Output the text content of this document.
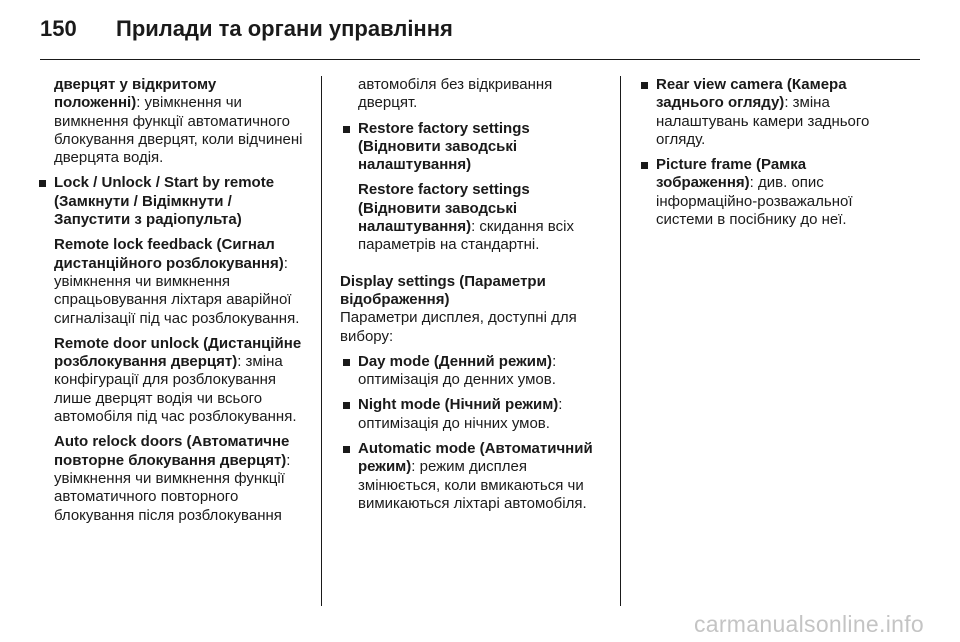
150	Прилади та органи управління
дверцят у відкритому положенні): увімкнення чи вимкнення функції автоматичного блокування дверцят, коли відчинені дверцята водія.
Lock / Unlock / Start by remote (Замкнути / Відімкнути / Запустити з радіопульта)
Remote lock feedback (Сигнал дистанційного розблокування): увімкнення чи вимкнення спрацьовування ліхтаря аварійної сигналізації під час розблокування.
Remote door unlock (Дистанційне розблокування дверцят): зміна конфігурації для розблокування лише дверцят водія чи всього автомобіля під час розблокування.
Auto relock doors (Автоматичне повторне блокування дверцят): увімкнення чи вимкнення функції автоматичного повторного блокування після розблокування
автомобіля без відкривання дверцят.
Restore factory settings (Відновити заводські налаштування)
Restore factory settings (Відновити заводські налаштування): скидання всіх параметрів на стандартні.
Display settings (Параметри відображення)
Параметри дисплея, доступні для вибору:
Day mode (Денний режим): оптимізація до денних умов.
Night mode (Нічний режим): оптимізація до нічних умов.
Automatic mode (Автоматичний режим): режим дисплея змінюється, коли вмикаються чи вимикаються ліхтарі автомобіля.
Rear view camera (Камера заднього огляду): зміна налаштувань камери заднього огляду.
Picture frame (Рамка зображення): див. опис інформаційно-розважальної системи в посібнику до неї.
carmanualsonline.info
